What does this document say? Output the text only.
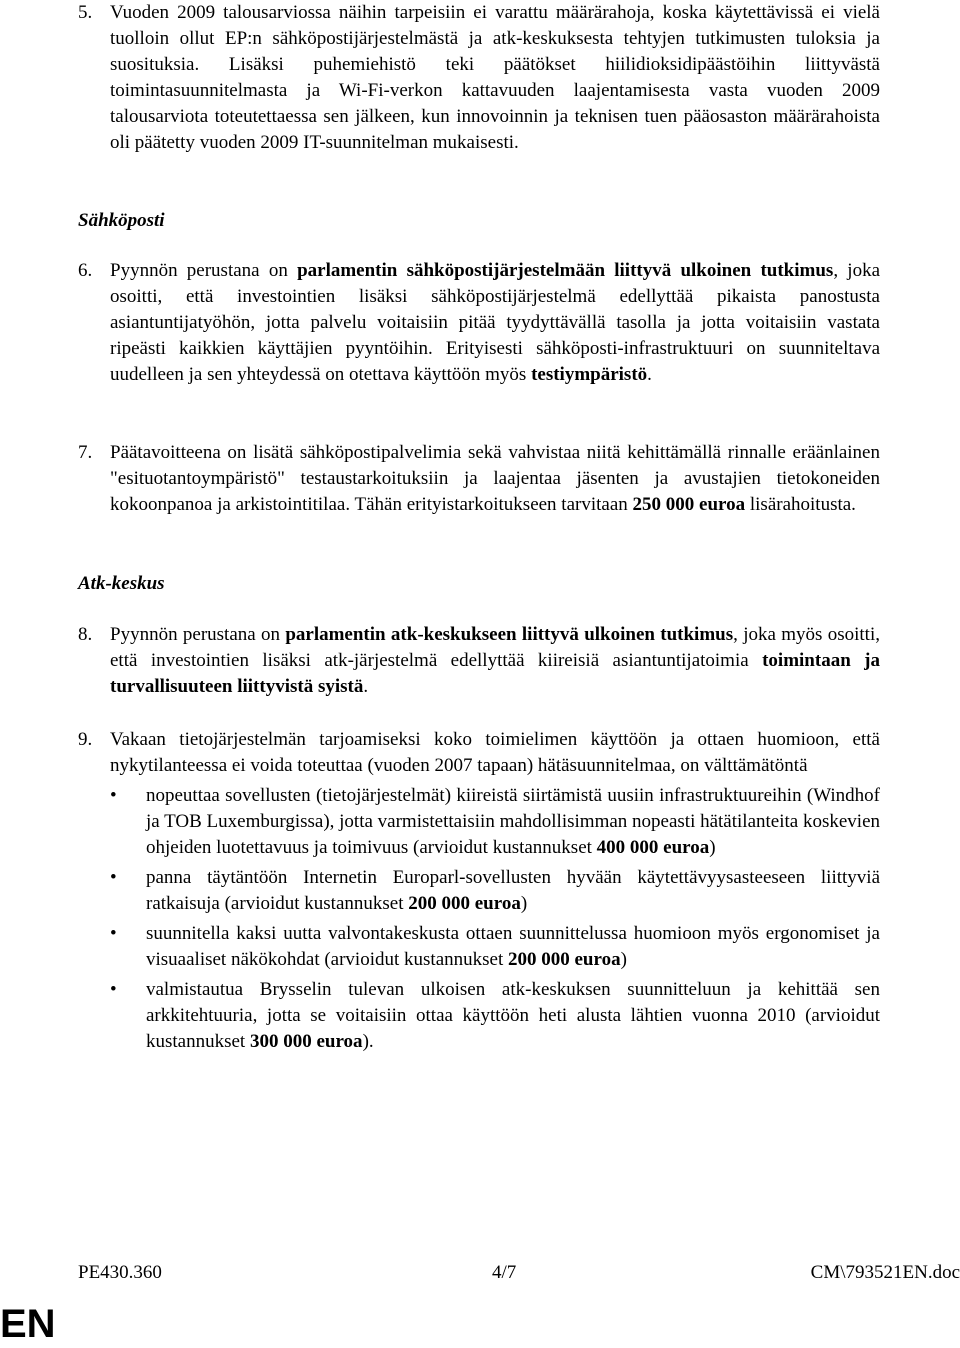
5. Vuoden 2009 talousarviossa näihin tarpeisiin ei varattu määrärahoja, koska käytettävissä ei vielä tuolloin ollut EP:n sähköpostijärjestelmästä ja atk-keskuksesta tehtyjen tutkimusten tuloksia ja suosituksia. Lisäksi puhemiehistö teki päätökset hiilidioksidipäästöihin liittyvästä toimintasuunnitelmasta ja Wi-Fi-verkon kattavuuden laajentamisesta vasta vuoden 2009 talousarviota toteutettaessa sen jälkeen, kun innovoinnin ja teknisen tuen pääosaston määrärahoista oli päätetty vuoden 2009 IT-suunnitelman mukaisesti.
Sähköposti
6. Pyynnön perustana on parlamentin sähköpostijärjestelmään liittyvä ulkoinen tutkimus, joka osoitti, että investointien lisäksi sähköpostijärjestelmä edellyttää pikaista panostusta asiantuntijatyöhön, jotta palvelu voitaisiin pitää tyydyttävällä tasolla ja jotta voitaisiin vastata ripeästi kaikkien käyttäjien pyyntöihin. Erityisesti sähköposti-infrastruktuuri on suunniteltava uudelleen ja sen yhteydessä on otettava käyttöön myös testiympäristö.
7. Päätavoitteena on lisätä sähköpostipalvelimia sekä vahvistaa niitä kehittämällä rinnalle eräänlainen "esituotantoympäristö" testaustarkoituksiin ja laajentaa jäsenten ja avustajien tietokoneiden kokoonpanoa ja arkistointitilaa. Tähän erityistarkoitukseen tarvitaan 250 000 euroa lisärahoitusta.
Atk-keskus
8. Pyynnön perustana on parlamentin atk-keskukseen liittyvä ulkoinen tutkimus, joka myös osoitti, että investointien lisäksi atk-järjestelmä edellyttää kiireisiä asiantuntijatoimia toimintaan ja turvallisuuteen liittyvistä syistä.
9. Vakaan tietojärjestelmän tarjoamiseksi koko toimielimen käyttöön ja ottaen huomioon, että nykytilanteessa ei voida toteuttaa (vuoden 2007 tapaan) hätäsuunnitelmaa, on välttämätöntä
• nopeuttaa sovellusten (tietojärjestelmät) kiireistä siirtämistä uusiin infrastruktuureihin (Windhof ja TOB Luxemburgissa), jotta varmistettaisiin mahdollisimman nopeasti hätätilanteita koskevien ohjeiden luotettavuus ja toimivuus (arvioidut kustannukset 400 000 euroa)
• panna täytäntöön Internetin Europarl-sovellusten hyvään käytettävyysasteeseen liittyviä ratkaisuja (arvioidut kustannukset 200 000 euroa)
• suunnitella kaksi uutta valvontakeskusta ottaen suunnittelussa huomioon myös ergonomiset ja visuaaliset näkökohdat (arvioidut kustannukset 200 000 euroa)
• valmistautua Brysselin tulevan ulkoisen atk-keskuksen suunnitteluun ja kehittää sen arkkitehtuuria, jotta se voitaisiin ottaa käyttöön heti alusta lähtien vuonna 2010 (arvioidut kustannukset 300 000 euroa).
PE430.360	4/7	CM\793521EN.doc
EN
